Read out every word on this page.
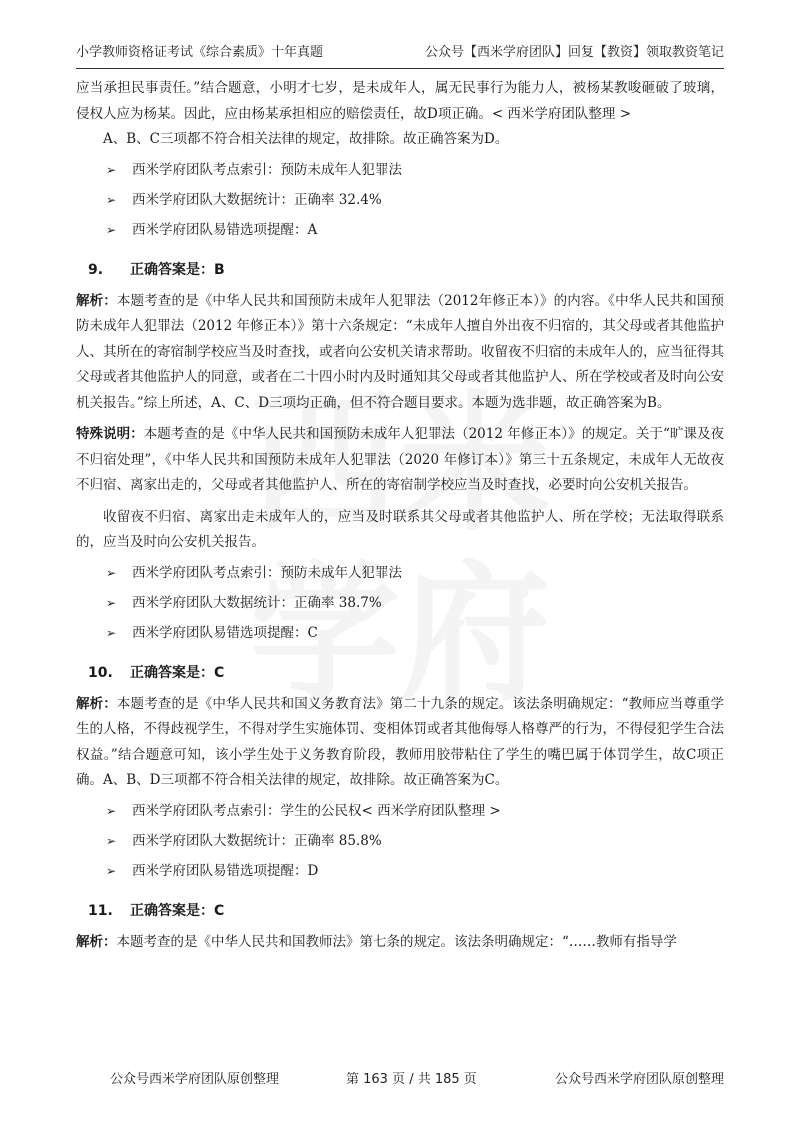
小学教师资格证考试《综合素质》十年真题	公众号【西米学府团队】回复【教资】领取教资笔记

应当承担民事责任。”结合题意，小明才七岁，是未成年人，属无民事行为能力人，被杨某教唆砸破了玻璃，侵权人应为杨某。因此，应由杨某承担相应的赔偿责任，故D项正确。< 西米学府团队整理 >

A、B、C三项都不符合相关法律的规定，故排除。故正确答案为D。

➢ 西米学府团队考点索引：预防未成年人犯罪法
➢ 西米学府团队大数据统计：正确率 32.4%
➢ 西米学府团队易错选项提醒：A
9. 正确答案是：B

解析：本题考查的是《中华人民共和国预防未成年人犯罪法（2012年修正本）》的内容。《中华人民共和国预防未成年人犯罪法（2012 年修正本）》第十六条规定：“未成年人擅自外出夜不归宿的，其父母或者其他监护人、其所在的寄宿制学校应当及时查找，或者向公安机关请求帮助。收留夜不归宿的未成年人的，应当征得其父母或者其他监护人的同意，或者在二十四小时内及时通知其父母或者其他监护人、所在学校或者及时向公安机关报告。”综上所述，A、C、D三项均正确，但不符合题目要求。本题为选非题，故正确答案为B。

特殊说明：本题考查的是《中华人民共和国预防未成年人犯罪法（2012 年修正本）》的规定。关于“旷课及夜不归宿处理”，《中华人民共和国预防未成年人犯罪法（2020 年修订本）》第三十五条规定，未成年人无故夜不归宿、离家出走的，父母或者其他监护人、所在的寄宿制学校应当及时查找，必要时向公安机关报告。

收留夜不归宿、离家出走未成年人的，应当及时联系其父母或者其他监护人、所在学校；无法取得联系的，应当及时向公安机关报告。

➢ 西米学府团队考点索引：预防未成年人犯罪法
➢ 西米学府团队大数据统计：正确率 38.7%
➢ 西米学府团队易错选项提醒：C
10. 正确答案是：C

解析：本题考查的是《中华人民共和国义务教育法》第二十九条的规定。该法条明确规定：“教师应当尊重学生的人格，不得歧视学生，不得对学生实施体罚、变相体罚或者其他侮辱人格尊严的行为，不得侵犯学生合法权益。”结合题意可知，该小学生处于义务教育阶段，教师用胶带粘住了学生的嘴巴属于体罚学生，故C项正确。A、B、D三项都不符合相关法律的规定，故排除。故正确答案为C。

➢ 西米学府团队考点索引：学生的公民权< 西米学府团队整理 >
➢ 西米学府团队大数据统计：正确率 85.8%
➢ 西米学府团队易错选项提醒：D
11. 正确答案是：C

解析：本题考查的是《中华人民共和国教师法》第七条的规定。该法条明确规定：“……教师有指导学

公众号西米学府团队原创整理	第 163 页 / 共 185 页	公众号西米学府团队原创整理
